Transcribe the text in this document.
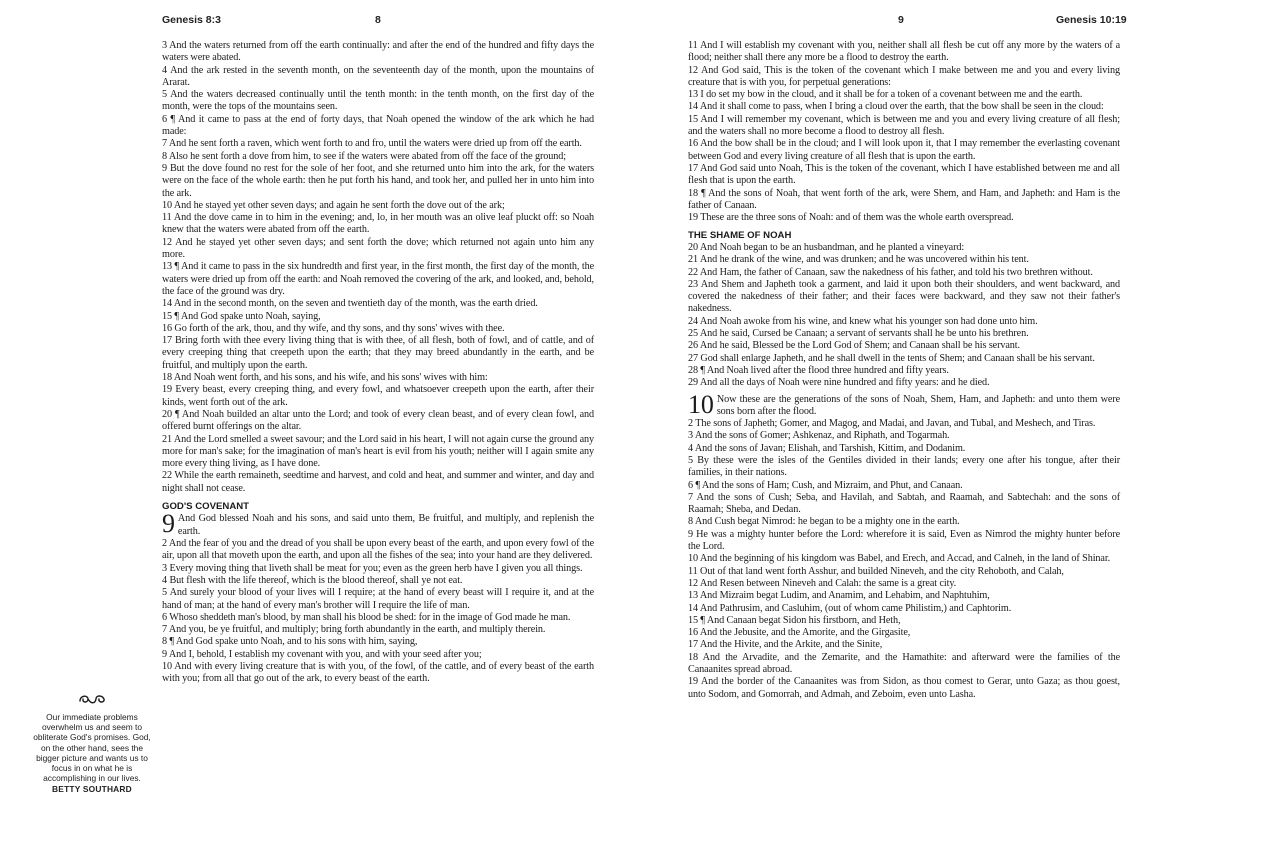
Genesis 8:3	8

3 And the waters returned from off the earth continually: and after the end of the hundred and fifty days the waters were abated.

4 And the ark rested in the seventh month, on the seventeenth day of the month, upon the mountains of Ararat.

5 And the waters decreased continually until the tenth month: in the tenth month, on the first day of the month, were the tops of the mountains seen.

6 ¶ And it came to pass at the end of forty days, that Noah opened the window of the ark which he had made:

7 And he sent forth a raven, which went forth to and fro, until the waters were dried up from off the earth.

8 Also he sent forth a dove from him, to see if the waters were abated from off the face of the ground;

9 But the dove found no rest for the sole of her foot, and she returned unto him into the ark, for the waters were on the face of the whole earth: then he put forth his hand, and took her, and pulled her in unto him into the ark.

10 And he stayed yet other seven days; and again he sent forth the dove out of the ark;

11 And the dove came in to him in the evening; and, lo, in her mouth was an olive leaf pluckt off: so Noah knew that the waters were abated from off the earth.

12 And he stayed yet other seven days; and sent forth the dove; which returned not again unto him any more.

13 ¶ And it came to pass in the six hundredth and first year, in the first month, the first day of the month, the waters were dried up from off the earth: and Noah removed the covering of the ark, and looked, and, behold, the face of the ground was dry.

14 And in the second month, on the seven and twentieth day of the month, was the earth dried.

15 ¶ And God spake unto Noah, saying,

16 Go forth of the ark, thou, and thy wife, and thy sons, and thy sons' wives with thee.

17 Bring forth with thee every living thing that is with thee, of all flesh, both of fowl, and of cattle, and of every creeping thing that creepeth upon the earth; that they may breed abundantly in the earth, and be fruitful, and multiply upon the earth.

18 And Noah went forth, and his sons, and his wife, and his sons' wives with him:

19 Every beast, every creeping thing, and every fowl, and whatsoever creepeth upon the earth, after their kinds, went forth out of the ark.

20 ¶ And Noah builded an altar unto the Lord; and took of every clean beast, and of every clean fowl, and offered burnt offerings on the altar.

21 And the Lord smelled a sweet savour; and the Lord said in his heart, I will not again curse the ground any more for man's sake; for the imagination of man's heart is evil from his youth; neither will I again smite any more every thing living, as I have done.

22 While the earth remaineth, seedtime and harvest, and cold and heat, and summer and winter, and day and night shall not cease.

GOD'S COVENANT
9 And God blessed Noah and his sons, and said unto them, Be fruitful, and multiply, and replenish the earth.

2 And the fear of you and the dread of you shall be upon every beast of the earth, and upon every fowl of the air, upon all that moveth upon the earth, and upon all the fishes of the sea; into your hand are they delivered.

3 Every moving thing that liveth shall be meat for you; even as the green herb have I given you all things.

4 But flesh with the life thereof, which is the blood thereof, shall ye not eat.

5 And surely your blood of your lives will I require; at the hand of every beast will I require it, and at the hand of man; at the hand of every man's brother will I require the life of man.

6 Whoso sheddeth man's blood, by man shall his blood be shed: for in the image of God made he man.

7 And you, be ye fruitful, and multiply; bring forth abundantly in the earth, and multiply therein.

8 ¶ And God spake unto Noah, and to his sons with him, saying,

9 And I, behold, I establish my covenant with you, and with your seed after you;

10 And with every living creature that is with you, of the fowl, of the cattle, and of every beast of the earth with you; from all that go out of the ark, to every beast of the earth.

Our immediate problems overwhelm us and seem to obliterate God's promises. God, on the other hand, sees the bigger picture and wants us to focus in on what he is accomplishing in our lives.
BETTY SOUTHARD
9	Genesis 10:19

11 And I will establish my covenant with you, neither shall all flesh be cut off any more by the waters of a flood; neither shall there any more be a flood to destroy the earth.

12 And God said, This is the token of the covenant which I make between me and you and every living creature that is with you, for perpetual generations:

13 I do set my bow in the cloud, and it shall be for a token of a covenant between me and the earth.

14 And it shall come to pass, when I bring a cloud over the earth, that the bow shall be seen in the cloud:

15 And I will remember my covenant, which is between me and you and every living creature of all flesh; and the waters shall no more become a flood to destroy all flesh.

16 And the bow shall be in the cloud; and I will look upon it, that I may remember the everlasting covenant between God and every living creature of all flesh that is upon the earth.

17 And God said unto Noah, This is the token of the covenant, which I have established between me and all flesh that is upon the earth.

18 ¶ And the sons of Noah, that went forth of the ark, were Shem, and Ham, and Japheth: and Ham is the father of Canaan.

19 These are the three sons of Noah: and of them was the whole earth overspread.

THE SHAME OF NOAH

20 And Noah began to be an husbandman, and he planted a vineyard:

21 And he drank of the wine, and was drunken; and he was uncovered within his tent.

22 And Ham, the father of Canaan, saw the nakedness of his father, and told his two brethren without.

23 And Shem and Japheth took a garment, and laid it upon both their shoulders, and went backward, and covered the nakedness of their father; and their faces were backward, and they saw not their father's nakedness.

24 And Noah awoke from his wine, and knew what his younger son had done unto him.

25 And he said, Cursed be Canaan; a servant of servants shall he be unto his brethren.

26 And he said, Blessed be the Lord God of Shem; and Canaan shall be his servant.

27 God shall enlarge Japheth, and he shall dwell in the tents of Shem; and Canaan shall be his servant.

28 ¶ And Noah lived after the flood three hundred and fifty years.

29 And all the days of Noah were nine hundred and fifty years: and he died.

10 Now these are the generations of the sons of Noah, Shem, Ham, and Japheth: and unto them were sons born after the flood.

2 The sons of Japheth; Gomer, and Magog, and Madai, and Javan, and Tubal, and Meshech, and Tiras.

3 And the sons of Gomer; Ashkenaz, and Riphath, and Togarmah.

4 And the sons of Javan; Elishah, and Tarshish, Kittim, and Dodanim.

5 By these were the isles of the Gentiles divided in their lands; every one after his tongue, after their families, in their nations.

6 ¶ And the sons of Ham; Cush, and Mizraim, and Phut, and Canaan.

7 And the sons of Cush; Seba, and Havilah, and Sabtah, and Raamah, and Sabtechah: and the sons of Raamah; Sheba, and Dedan.

8 And Cush begat Nimrod: he began to be a mighty one in the earth.

9 He was a mighty hunter before the Lord: wherefore it is said, Even as Nimrod the mighty hunter before the Lord.

10 And the beginning of his kingdom was Babel, and Erech, and Accad, and Calneh, in the land of Shinar.

11 Out of that land went forth Asshur, and builded Nineveh, and the city Rehoboth, and Calah,

12 And Resen between Nineveh and Calah: the same is a great city.

13 And Mizraim begat Ludim, and Anamim, and Lehabim, and Naphtuhim,

14 And Pathrusim, and Casluhim, (out of whom came Philistim,) and Caphtorim.

15 ¶ And Canaan begat Sidon his firstborn, and Heth,

16 And the Jebusite, and the Amorite, and the Girgasite,

17 And the Hivite, and the Arkite, and the Sinite,

18 And the Arvadite, and the Zemarite, and the Hamathite: and afterward were the families of the Canaanites spread abroad.

19 And the border of the Canaanites was from Sidon, as thou comest to Gerar, unto Gaza; as thou goest, unto Sodom, and Gomorrah, and Admah, and Zeboim, even unto Lasha.
